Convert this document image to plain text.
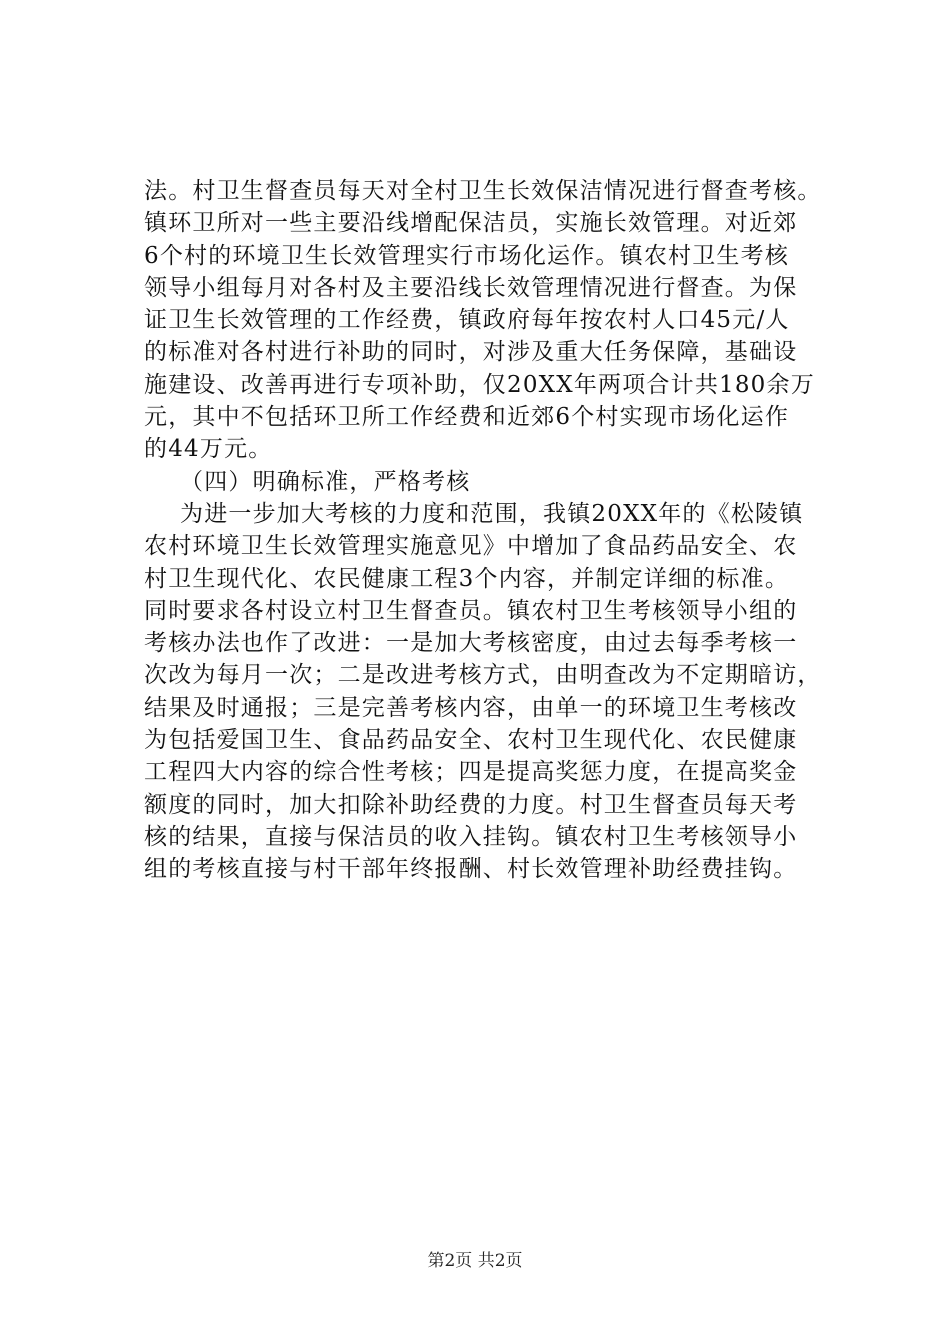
法。村卫生督查员每天对全村卫生长效保洁情况进行督查考核。
镇环卫所对一些主要沿线增配保洁员，实施长效管理。对近郊
6个村的环境卫生长效管理实行市场化运作。镇农村卫生考核
领导小组每月对各村及主要沿线长效管理情况进行督查。为保
证卫生长效管理的工作经费，镇政府每年按农村人口45元/人
的标准对各村进行补助的同时，对涉及重大任务保障，基础设
施建设、改善再进行专项补助，仅20XX年两项合计共180余万
元，其中不包括环卫所工作经费和近郊6个村实现市场化运作
的44万元。
（四）明确标准，严格考核
为进一步加大考核的力度和范围，我镇20XX年的《松陵镇
农村环境卫生长效管理实施意见》中增加了食品药品安全、农
村卫生现代化、农民健康工程3个内容，并制定详细的标准。
同时要求各村设立村卫生督查员。镇农村卫生考核领导小组的
考核办法也作了改进：一是加大考核密度，由过去每季考核一
次改为每月一次；二是改进考核方式，由明查改为不定期暗访，
结果及时通报；三是完善考核内容，由单一的环境卫生考核改
为包括爱国卫生、食品药品安全、农村卫生现代化、农民健康
工程四大内容的综合性考核；四是提高奖惩力度，在提高奖金
额度的同时，加大扣除补助经费的力度。村卫生督查员每天考
核的结果，直接与保洁员的收入挂钩。镇农村卫生考核领导小
组的考核直接与村干部年终报酬、村长效管理补助经费挂钩。
第2页 共2页
